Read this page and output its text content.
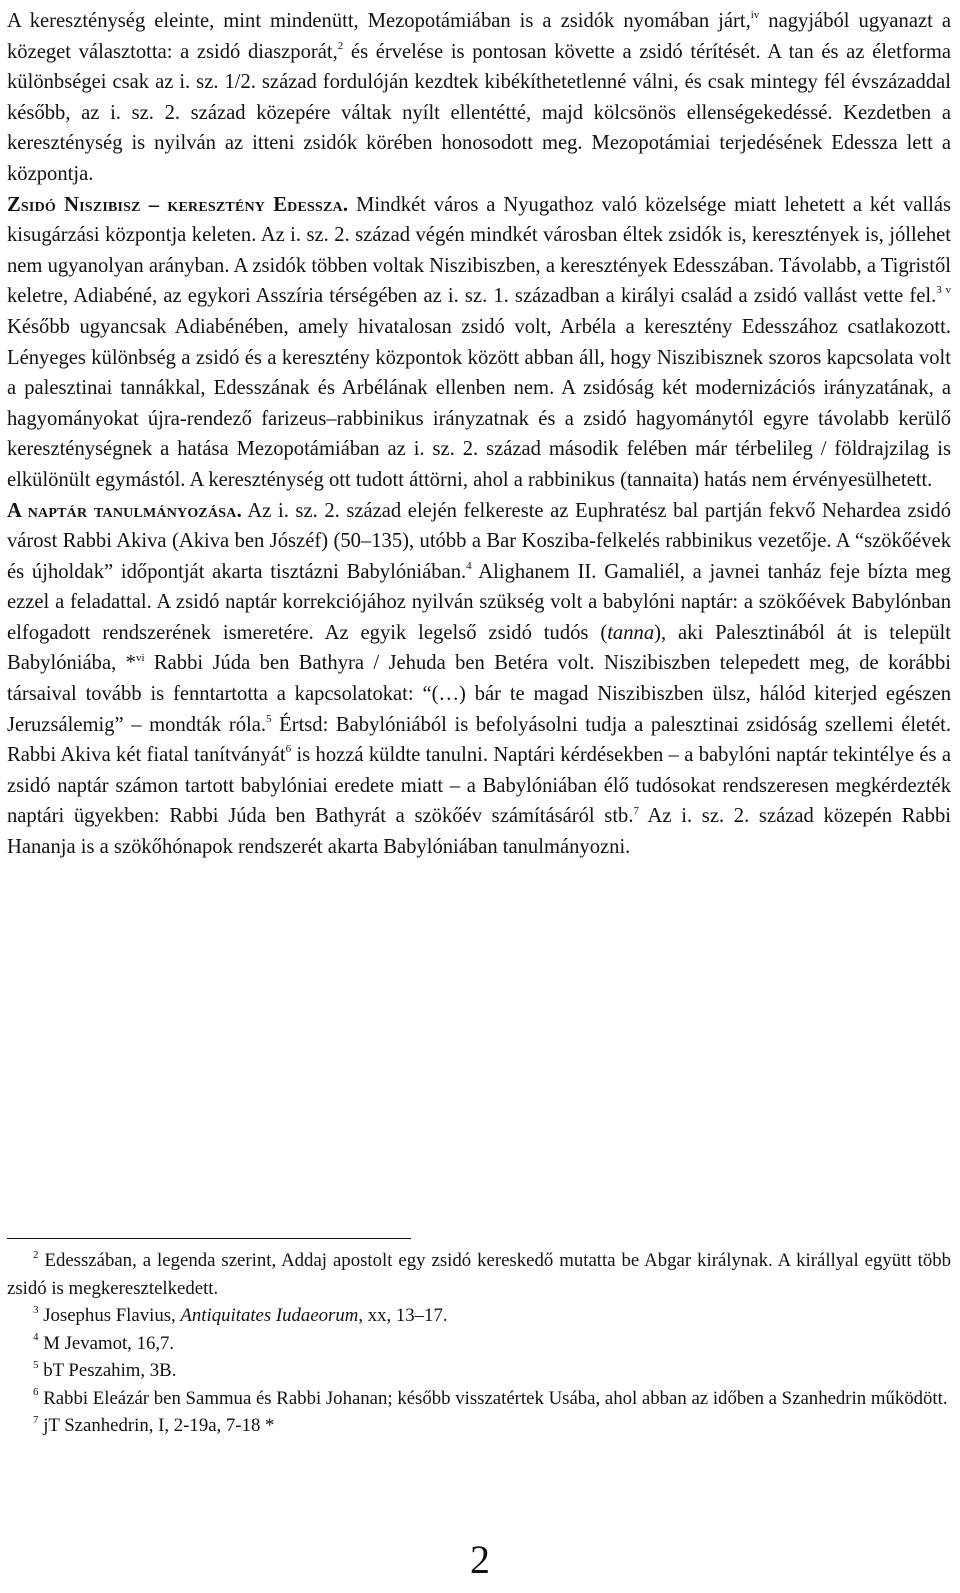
A kereszténység eleinte, mint mindenütt, Mezopotámiában is a zsidók nyomában járt,$^{iv}$ nagyjából ugyanazt a közeget választotta: a zsidó diaszporát,$^2$ és érvelése is pontosan követte a zsidó térítését. A tan és az életforma különbségei csak az i. sz. 1/2. század fordulóján kezdtek kibékíthetetlenné válni, és csak mintegy fél évszázaddal később, az i. sz. 2. század közepére váltak nyílt ellentétté, majd kölcsönös ellenségekedéssé. Kezdetben a kereszténység is nyilván az itteni zsidók körében honosodott meg. Mezopotámiai terjedésének Edessza lett a központja.

Zsidó Niszibisz – keresztény Edessza. Mindkét város a Nyugathoz való közelsége miatt lehetett a két vallás kisugárzási központja keleten. Az i. sz. 2. század végén mindkét városban éltek zsidók is, keresztények is, jóllehet nem ugyanolyan arányban. A zsidók többen voltak Niszibiszben, a keresztények Edesszában. Távolabb, a Tigristől keletre, Adiabéné, az egykori Asszíria térségében az i. sz. 1. században a királyi család a zsidó vallást vette fel.$^{3 v}$ Később ugyancsak Adiabénében, amely hivatalosan zsidó volt, Arbéla a keresztény Edesszához csatlakozott. Lényeges különbség a zsidó és a keresztény központok között abban áll, hogy Niszibisznek szoros kapcsolata volt a palesztinai tannákkal, Edesszának és Arbélának ellenben nem. A zsidóság két modernizációs irányzatának, a hagyományokat újra-rendező farizeus–rabbinikus irányzatnak és a zsidó hagyománytól egyre távolabb kerülő kereszténységnek a hatása Mezopotámiában az i. sz. 2. század második felében már térbelileg / földrajzilag is elkülönült egymástól. A kereszténység ott tudott áttörni, ahol a rabbinikus (tannaita) hatás nem érvényesülhetett.

A naptár tanulmányozása. Az i. sz. 2. század elején felkereste az Euphratész bal partján fekvő Nehardea zsidó várost Rabbi Akiva (Akiva ben Jószéf) (50–135), utóbb a Bar Kosziba-felkelés rabbinikus vezetője. A “szökőévek és újholdak” időpontját akarta tisztázni Babylóniában.$^4$ Alighanem II. Gamaliél, a javnei tanház feje bízta meg ezzel a feladattal. A zsidó naptár korrekciójához nyilván szükség volt a babylóni naptár: a szökőévek Babylónban elfogadott rendszerének ismeretére. Az egyik legelső zsidó tudós (tanna), aki Palesztinából át is települt Babylóniába, *$^{vi}$ Rabbi Júda ben Bathyra / Jehuda ben Betéra volt. Niszibiszben telepedett meg, de korábbi társaival tovább is fenntartotta a kapcsolatokat: “(…) bár te magad Niszibiszben ülsz, hálód kiterjed egészen Jeruzsálemig” – mondták róla.$^5$ Értsd: Babylóniából is befolyásolni tudja a palesztinai zsidóság szellemi életét. Rabbi Akiva két fiatal tanítványát$^6$ is hozzá küldte tanulni. Naptári kérdésekben – a babylóni naptár tekintélye és a zsidó naptár számon tartott babylóniai eredete miatt – a Babylóniában élő tudósokat rendszeresen megkérdezték naptári ügyekben: Rabbi Júda ben Bathyrát a szökőév számításáról stb.$^7$ Az i. sz. 2. század közepén Rabbi Hananja is a szökőhónapok rendszerét akarta Babylóniában tanulmányozni.

$^2$ Edesszában, a legenda szerint, Addaj apostolt egy zsidó kereskedő mutatta be Abgar királynak. A királlyal együtt több zsidó is megkeresztelkedett.

$^3$ Josephus Flavius, Antiquitates Iudaeorum, xx, 13–17.

$^4$ M Jevamot, 16,7.

$^5$ bT Peszahim, 3B.

$^6$ Rabbi Eleázár ben Sammua és Rabbi Johanan; később visszatértek Usába, ahol abban az időben a Szanhedrin működött.

$^7$ jT Szanhedrin, I, 2-19a, 7-18 *

2
